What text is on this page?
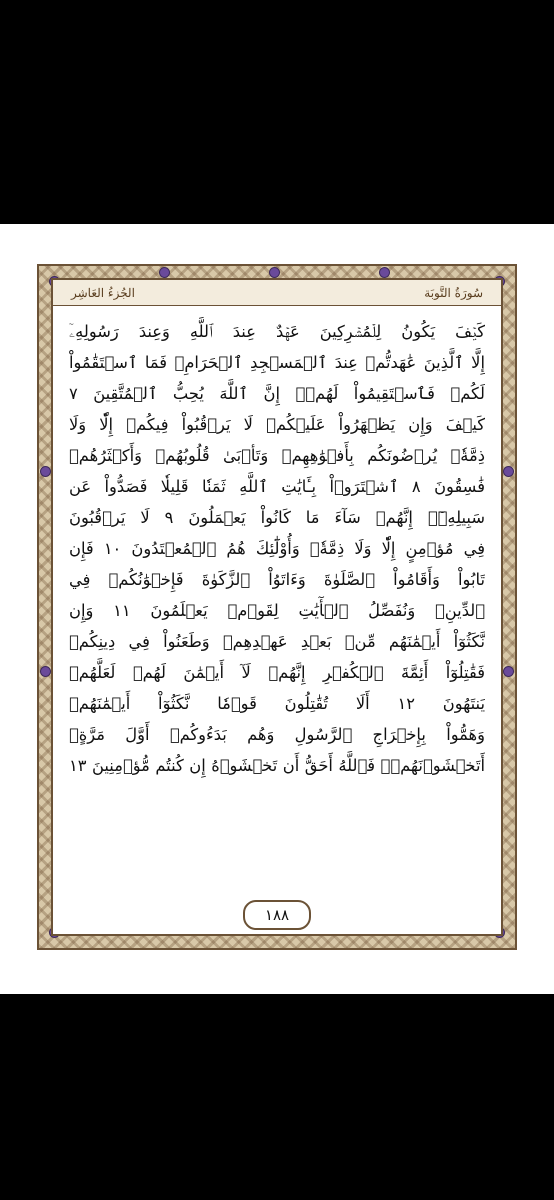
سُورَةُ التَّوبَة
الجُزءُ العَاشِر
كَيۡفَ يَكُونُ لِلۡمُشۡرِكِينَ عَهۡدٌ عِندَ ٱللَّهِ وَعِندَ رَسُولِهِۦٓ
إِلَّا ٱلَّذِينَ عَٰهَدتُّمۡ عِندَ ٱلۡمَسۡجِدِ ٱلۡحَرَامِۖ فَمَا ٱسۡتَقَٰمُواْ
لَكُمۡ فَٱسۡتَقِيمُواْ لَهُمۡۚ إِنَّ ٱللَّهَ يُحِبُّ ٱلۡمُتَّقِينَ ٧
كَيۡفَ وَإِن يَظۡهَرُواْ عَلَيۡكُمۡ لَا يَرۡقُبُواْ فِيكُمۡ إِلّٗا وَلَا
ذِمَّةٗۚ يُرۡضُونَكُم بِأَفۡوَٰهِهِمۡ وَتَأۡبَىٰ قُلُوبُهُمۡ وَأَكۡثَرُهُمۡ
فَٰسِقُونَ ٨ ٱشۡتَرَوۡاْ بِـَٔايَٰتِ ٱللَّهِ ثَمَنٗا قَلِيلٗا فَصَدُّواْ عَن
سَبِيلِهِۦٓۚ إِنَّهُمۡ سَآءَ مَا كَانُواْ يَعۡمَلُونَ ٩ لَا يَرۡقُبُونَ
فِي مُؤۡمِنٍ إِلّٗا وَلَا ذِمَّةٗۚ وَأُوْلَٰٓئِكَ هُمُ ٱلۡمُعۡتَدُونَ ١٠ فَإِن
تَابُواْ وَأَقَامُواْ ٱلصَّلَوٰةَ وَءَاتَوُاْ ٱلزَّكَوٰةَ فَإِخۡوَٰنُكُمۡ فِي
ٱلدِّينِۗ وَنُفَصِّلُ ٱلۡأٓيَٰتِ لِقَوۡمٖ يَعۡلَمُونَ ١١ وَإِن
نَّكَثُوٓاْ أَيۡمَٰنَهُم مِّنۢ بَعۡدِ عَهۡدِهِمۡ وَطَعَنُواْ فِي دِينِكُمۡ
فَقَٰتِلُوٓاْ أَئِمَّةَ ٱلۡكُفۡرِ إِنَّهُمۡ لَآ أَيۡمَٰنَ لَهُمۡ لَعَلَّهُمۡ
يَنتَهُونَ ١٢ أَلَا تُقَٰتِلُونَ قَوۡمٗا نَّكَثُوٓاْ أَيۡمَٰنَهُمۡ
وَهَمُّواْ بِإِخۡرَاجِ ٱلرَّسُولِ وَهُم بَدَءُوكُمۡ أَوَّلَ مَرَّةٍۚ
أَتَخۡشَوۡنَهُمۡۚ فَٱللَّهُ أَحَقُّ أَن تَخۡشَوۡهُ إِن كُنتُم مُّؤۡمِنِينَ ١٣
١٨٨
